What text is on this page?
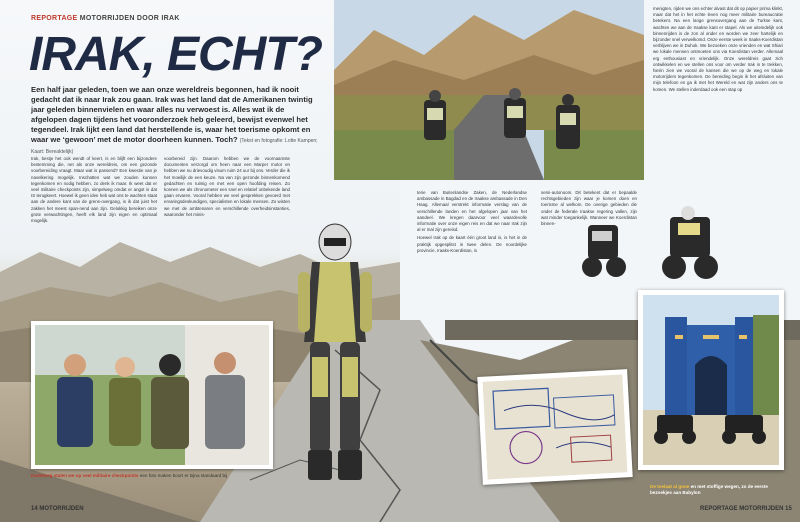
REPORTAGE MOTORRIJDEN DOOR IRAK
IRAK, ECHT?
Een half jaar geleden, toen we aan onze wereldreis begonnen, had ik nooit gedacht dat ik naar Irak zou gaan. Irak was het land dat de Amerikanen twintig jaar geleden binnenvielen en waar alles nu verwoest is. Alles wat ik de afgelopen dagen tijdens het vooronderzoek heb geleerd, bewijst evenwel het tegendeel. Irak lijkt een land dat herstellende is, waar het toerisme opkomt en waar we ‘gewoon’ met de motor doorheen kunnen. Toch? (Tekst en fotografie: Lotte Kampen; Kaart: Bereaktelijk)

Irak, bestje het ook wendt of keert, is en blijft een bijzondere bestemming die, net als onze wereldreis, om een gezonde voorbereiding vraagt. Maar wat is passend? Een kwestie van je navelkering mogelijk. Inschatten wat we zouden kunnen tegenkomen en nodig hebben, zo denk ik maar. Ik weet dat er veel militaire checkpoints zijn, simpelweg omdat er angst is dat IS terugkeert. Hoewel ik geen idee heb wat ons te wachten staat aan de andere kant van de grens-overgang, is ik dat juist het zakken het meest span-nend aan zijn. Gelukkig bereiken onze grote verwachtingen, heeft elk land zijn eigen en optimaal mogelijk.

voorbereid zijn. Daarom hebben we de voornaamste documenten verzorgd om heen naar een Marper motor en hebben we nu drievoudig visum ruim 24 uur bij ons. Verder die ik het moeilijk de een keuze. Na van zijn gezonde binnenkomend gedachten en ruimig en met een open hoofding reisen. Zo konnen we als chronometer een snel en relatief onbekende land gaan ervaren. Vooral hebben we veel gesprekken gevoerd met ervaringsdeskundigen, specialisten en lokale mensen. Zo wisten we met de ambtenaren en verschillende overheidsinstanties, waaronder het minis-

terie van Buitenlandse Zaken, de Nederlandse ambassade in Bagdad en de Iraakse ambassade in Den Haag. Allemaal verstrekt informatie verslag van de verschillende landen en het afgelopen jaar van het aandeel. We kregen daarvoor veel waardevolle informatie over onze eigen reis en dat we naar Irak zijn al er mal zijn gereisd.

Hoewel Irak op de kaart één groot land is, is het in de praktijk opgesplitst in twee delen. De noordelijke provincie, Iraaks-Koerdistan, is

semi-autonoom. Dit betekent dat er bepaalde rechtsgebieden zijn waar je komen doen en toerisme al welkom. De overige gebieden die onder de federale Iraakse regering vallen, zijn wat minder toegankelijk. Wanneer we Koerdistan binnen-

menigten, rijden we ons echter alvast dat dit op papier prima klinkt, maar dat het in het echte leven nog meer militaire bureaucratie betekent. Na een lange grensovergang aan de Turkse kant, wachten we aan de Iraakse kant er stapel. Als we uiteindelijk ook binnenrijden is de zon al onder en worden we zeer hartelijk en bijzonder snel verwelkomd. Onze eerste week in Iraaks-Koerdistan verblijven we in Duhok. We bezoeken onze vrienden en wat Shiari we lokale mensen ontmoeten ons via Koerdistan verder. Allemaal erg enthousiast en vriendelijk. Onze wereldreis gaat zich ontwikkelen en we stellen ons voor om verder Irak in te trekken, hierin zien we vooral de kansen die we op de weg en lokale motorrijders tegenkomen. De bereiding begin ik het afsluiten van mijn telefoon en ga ik met het Wereld en wat zijn anders ons te komen. We stellen inderdaad ook een stap op

Dadelweg stalen we op veel militaire checkpoints een foto maken boort er bijna standaard bij
14 MOTORRIJDEN
De toelaat al gone en met stoffige wegen, zo de eerste bezoekjes aan Babylon
REPORTAGE MOTORRIJDEN 15
